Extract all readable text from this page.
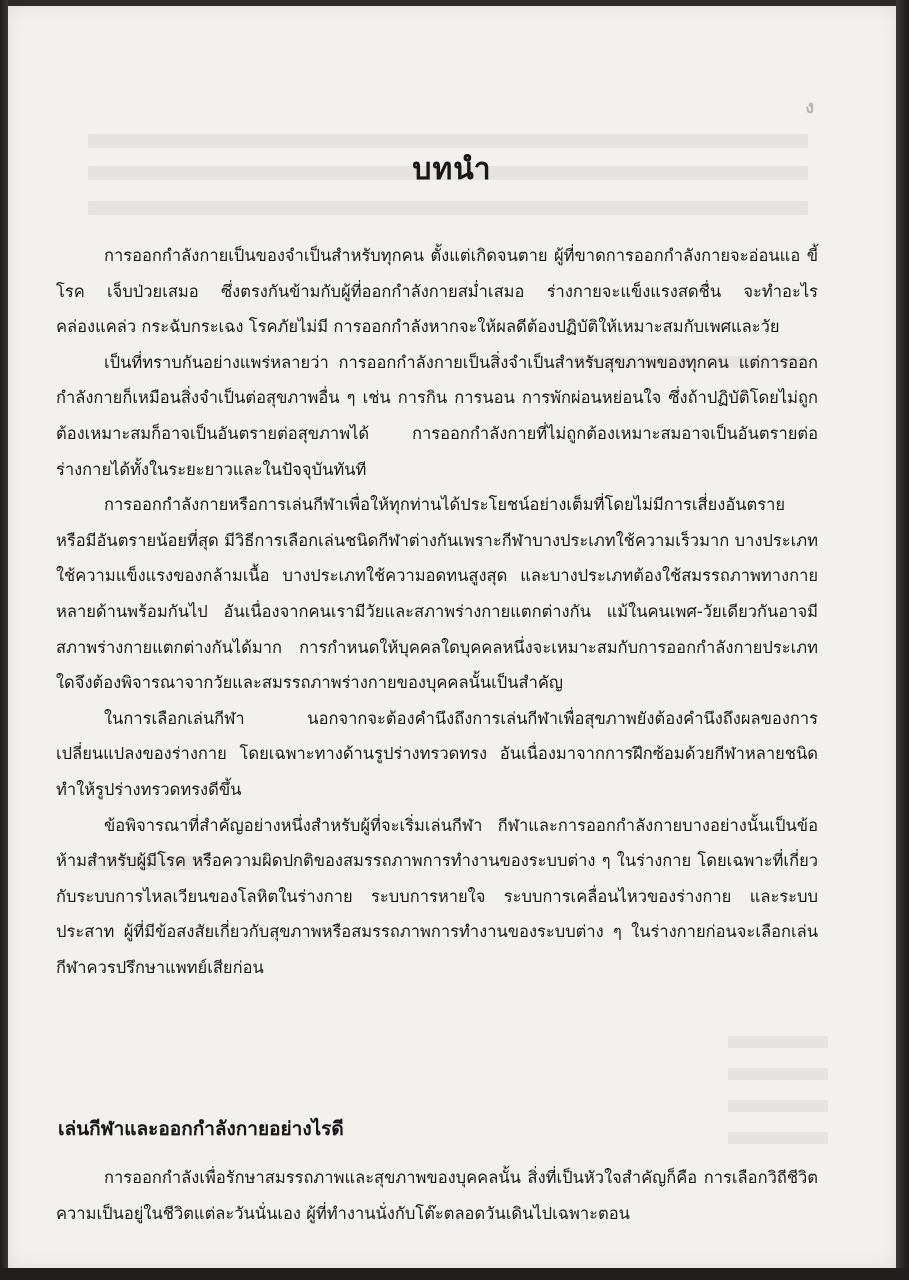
ง
บทนำ

การออกกำลังกายเป็นของจำเป็นสำหรับทุกคน ตั้งแต่เกิดจนตาย ผู้ที่ขาดการออกกำลังกายจะอ่อนแอ ขี้โรค เจ็บป่วยเสมอ ซึ่งตรงกันข้ามกับผู้ที่ออกกำลังกายสม่ำเสมอ ร่างกายจะแข็งแรงสดชื่น จะทำอะไรคล่องแคล่ว กระฉับกระเฉง โรคภัยไม่มี การออกกำลังหากจะให้ผลดีต้องปฏิบัติให้เหมาะสมกับเพศและวัย

เป็นที่ทราบกันอย่างแพร่หลายว่า การออกกำลังกายเป็นสิ่งจำเป็นสำหรับสุขภาพของทุกคน แต่การออกกำลังกายก็เหมือนสิ่งจำเป็นต่อสุขภาพอื่น ๆ เช่น การกิน การนอน การพักผ่อนหย่อนใจ ซึ่งถ้าปฏิบัติโดยไม่ถูกต้องเหมาะสมก็อาจเป็นอันตรายต่อสุขภาพได้ การออกกำลังกายที่ไม่ถูกต้องเหมาะสมอาจเป็นอันตรายต่อร่างกายได้ทั้งในระยะยาวและในปัจจุบันทันที

การออกกำลังกายหรือการเล่นกีฬาเพื่อให้ทุกท่านได้ประโยชน์อย่างเต็มที่โดยไม่มีการเสี่ยงอันตราย หรือมีอันตรายน้อยที่สุด มีวิธีการเลือกเล่นชนิดกีฬาต่างกันเพราะกีฬาบางประเภทใช้ความเร็วมาก บางประเภทใช้ความแข็งแรงของกล้ามเนื้อ บางประเภทใช้ความอดทนสูงสุด และบางประเภทต้องใช้สมรรถภาพทางกายหลายด้านพร้อมกันไป อันเนื่องจากคนเรามีวัยและสภาพร่างกายแตกต่างกัน แม้ในคนเพศ-วัยเดียวกันอาจมีสภาพร่างกายแตกต่างกันได้มาก การกำหนดให้บุคคลใดบุคคลหนึ่งจะเหมาะสมกับการออกกำลังกายประเภทใดจึงต้องพิจารณาจากวัยและสมรรถภาพร่างกายของบุคคลนั้นเป็นสำคัญ

ในการเลือกเล่นกีฬา นอกจากจะต้องคำนึงถึงการเล่นกีฬาเพื่อสุขภาพยังต้องคำนึงถึงผลของการเปลี่ยนแปลงของร่างกาย โดยเฉพาะทางด้านรูปร่างทรวดทรง อันเนื่องมาจากการฝึกซ้อมด้วยกีฬาหลายชนิดทำให้รูปร่างทรวดทรงดีขึ้น

ข้อพิจารณาที่สำคัญอย่างหนึ่งสำหรับผู้ที่จะเริ่มเล่นกีฬา กีฬาและการออกกำลังกายบางอย่างนั้นเป็นข้อห้ามสำหรับผู้มีโรค หรือความผิดปกติของสมรรถภาพการทำงานของระบบต่าง ๆ ในร่างกาย โดยเฉพาะที่เกี่ยวกับระบบการไหลเวียนของโลหิตในร่างกาย ระบบการหายใจ ระบบการเคลื่อนไหวของร่างกาย และระบบประสาท ผู้ที่มีข้อสงสัยเกี่ยวกับสุขภาพหรือสมรรถภาพการทำงานของระบบต่าง ๆ ในร่างกายก่อนจะเลือกเล่นกีฬาควรปรึกษาแพทย์เสียก่อน

เล่นกีฬาและออกกำลังกายอย่างไรดี

การออกกำลังเพื่อรักษาสมรรถภาพและสุขภาพของบุคคลนั้น สิ่งที่เป็นหัวใจสำคัญก็คือ การเลือกวิถีชีวิตความเป็นอยู่ในชีวิตแต่ละวันนั่นเอง ผู้ที่ทำงานนั่งกับโต๊ะตลอดวันเดินไปเฉพาะตอน
